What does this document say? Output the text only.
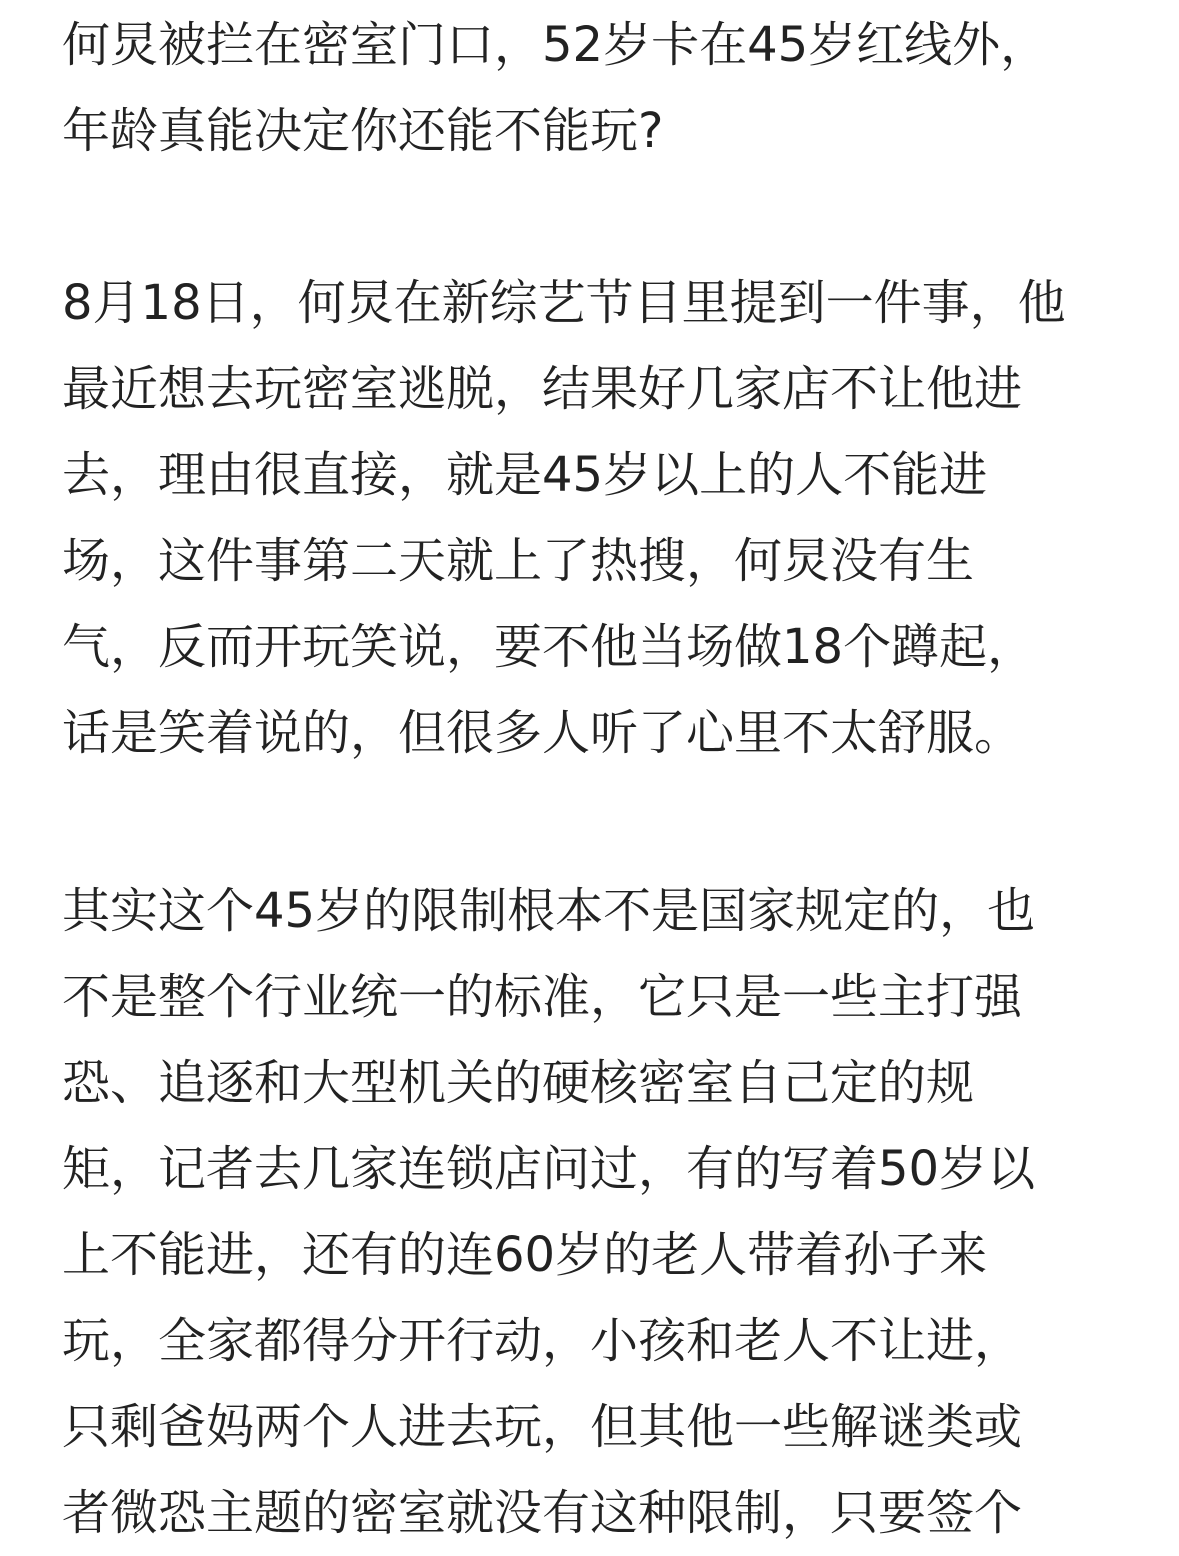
何炅被拦在密室门口，52岁卡在45岁红线外，
年龄真能决定你还能不能玩?
8月18日，何炅在新综艺节目里提到一件事，他
最近想去玩密室逃脱，结果好几家店不让他进
去，理由很直接，就是45岁以上的人不能进
场，这件事第二天就上了热搜，何炅没有生
气，反而开玩笑说，要不他当场做18个蹲起，
话是笑着说的，但很多人听了心里不太舒服。
其实这个45岁的限制根本不是国家规定的，也
不是整个行业统一的标准，它只是一些主打强
恐、追逐和大型机关的硬核密室自己定的规
矩，记者去几家连锁店问过，有的写着50岁以
上不能进，还有的连60岁的老人带着孙子来
玩，全家都得分开行动，小孩和老人不让进，
只剩爸妈两个人进去玩，但其他一些解谜类或
者微恐主题的密室就没有这种限制，只要签个
